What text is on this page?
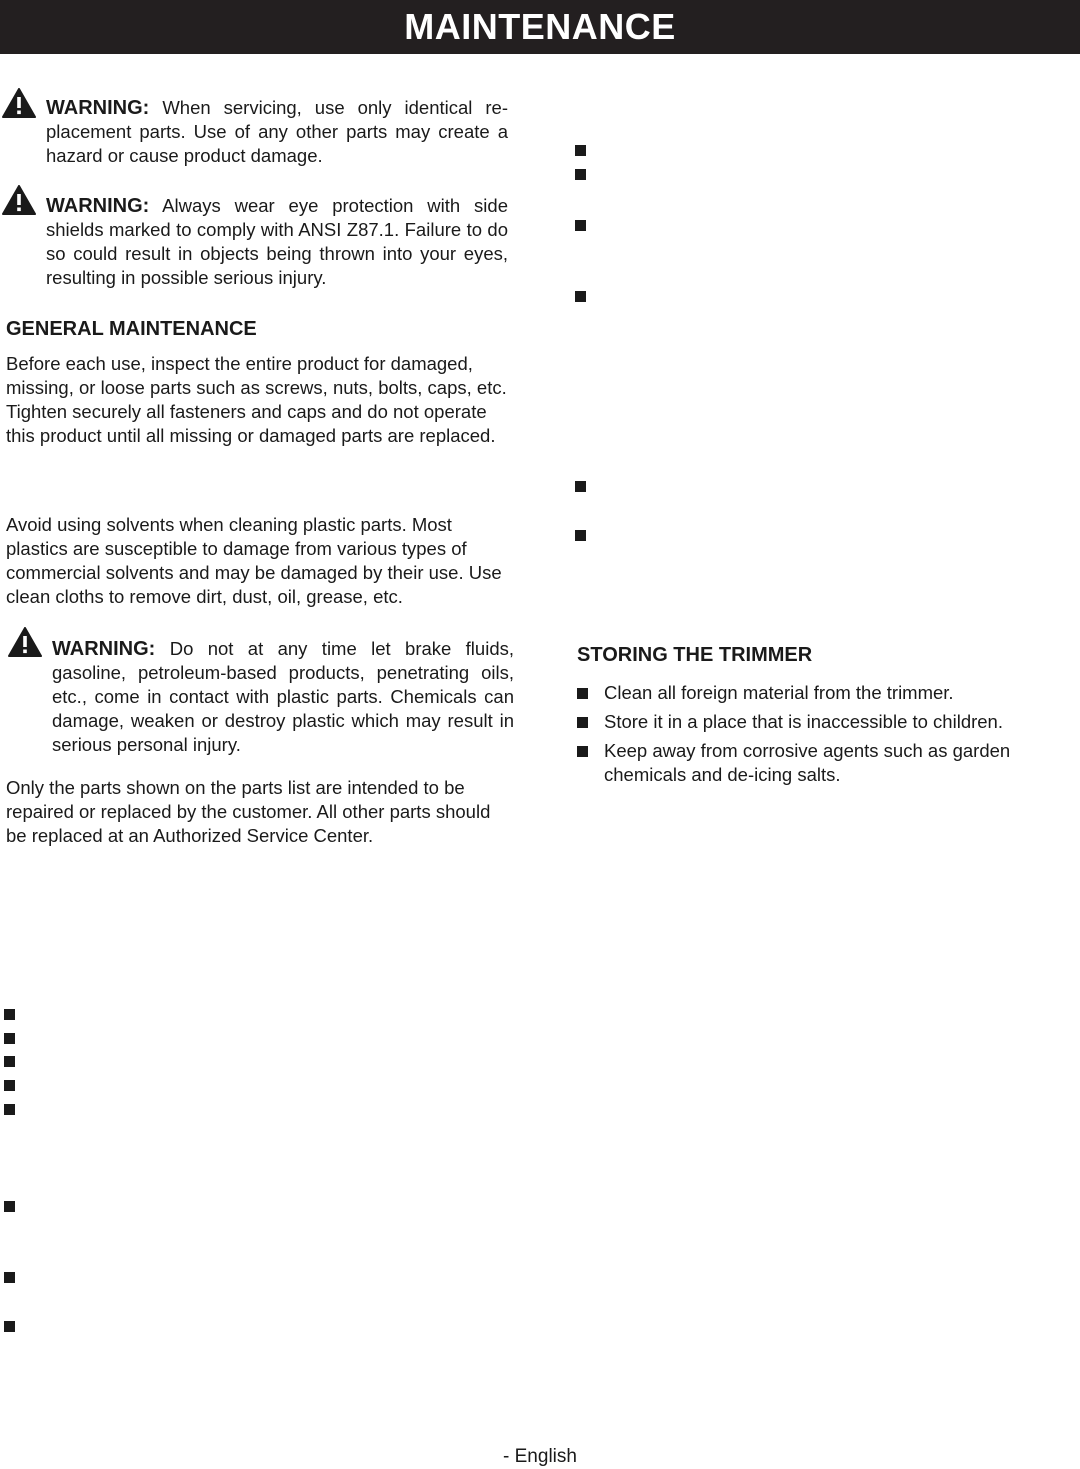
MAINTENANCE
WARNING: When servicing, use only identical re-placement parts. Use of any other parts may create a hazard or cause product damage.
WARNING: Always wear eye protection with side shields marked to comply with ANSI Z87.1. Failure to do so could result in objects being thrown into your eyes, resulting in possible serious injury.
GENERAL MAINTENANCE

Before each use, inspect the entire product for damaged, missing, or loose parts such as screws, nuts, bolts, caps, etc. Tighten securely all fasteners and caps and do not operate this product until all missing or damaged parts are replaced.

Avoid using solvents when cleaning plastic parts. Most plastics are susceptible to damage from various types of commercial solvents and may be damaged by their use. Use clean cloths to remove dirt, dust, oil, grease, etc.

WARNING: Do not at any time let brake fluids, gasoline, petroleum-based products, penetrating oils, etc., come in contact with plastic parts. Chemicals can damage, weaken or destroy plastic which may result in serious personal injury.

Only the parts shown on the parts list are intended to be repaired or replaced by the customer. All other parts should be replaced at an Authorized Service Center.

STORING THE TRIMMER

Clean all foreign material from the trimmer.

Store it in a place that is inaccessible to children.

Keep away from corrosive agents such as garden chemicals and de-icing salts.

- English
